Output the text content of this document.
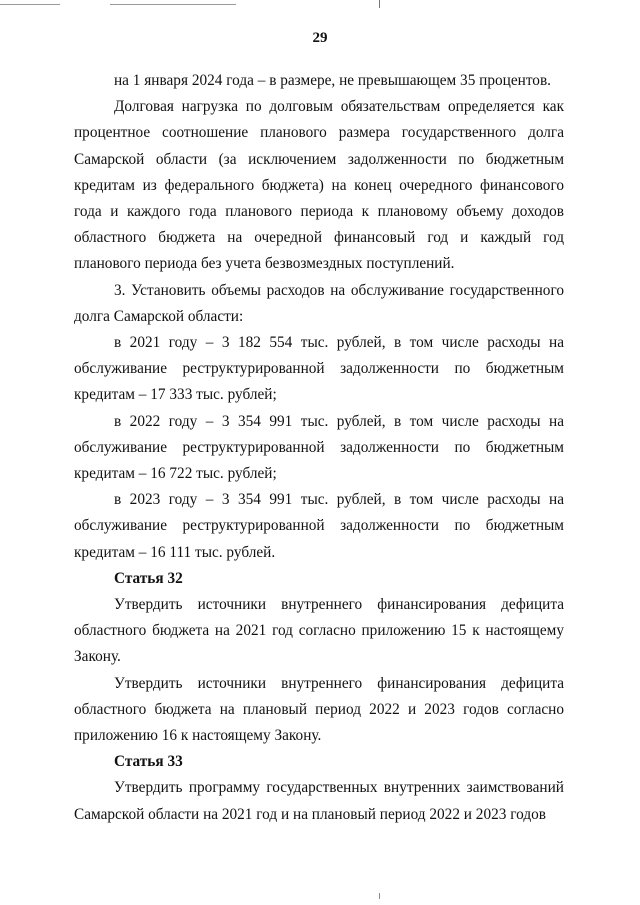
29

на 1 января 2024 года – в размере, не превышающем 35 процентов.

Долговая нагрузка по долговым обязательствам определяется как процентное соотношение планового размера государственного долга Самарской области (за исключением задолженности по бюджетным кредитам из федерального бюджета) на конец очередного финансового года и каждого года планового периода к плановому объему доходов областного бюджета на очередной финансовый год и каждый год планового периода без учета безвозмездных поступлений.

3. Установить объемы расходов на обслуживание государственного долга Самарской области:

в 2021 году – 3 182 554 тыс. рублей, в том числе расходы на обслуживание реструктурированной задолженности по бюджетным кредитам – 17 333 тыс. рублей;

в 2022 году – 3 354 991 тыс. рублей, в том числе расходы на обслуживание реструктурированной задолженности по бюджетным кредитам – 16 722 тыс. рублей;

в 2023 году – 3 354 991 тыс. рублей, в том числе расходы на обслуживание реструктурированной задолженности по бюджетным кредитам – 16 111 тыс. рублей.

Статья 32

Утвердить источники внутреннего финансирования дефицита областного бюджета на 2021 год согласно приложению 15 к настоящему Закону.

Утвердить источники внутреннего финансирования дефицита областного бюджета на плановый период 2022 и 2023 годов согласно приложению 16 к настоящему Закону.

Статья 33

Утвердить программу государственных внутренних заимствований Самарской области на 2021 год и на плановый период 2022 и 2023 годов
